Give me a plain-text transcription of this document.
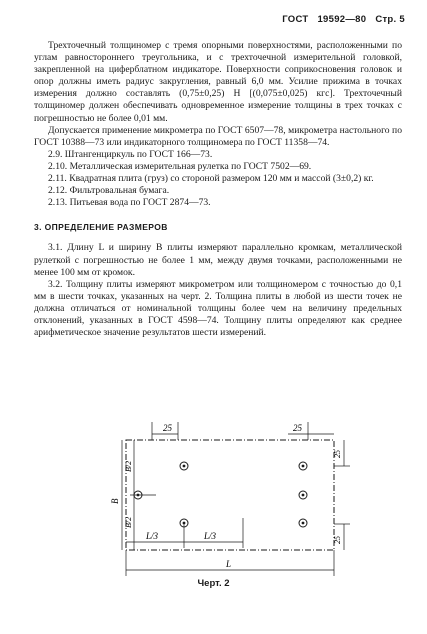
ГОСТ 19592—80 Стр. 5

Трехточечный толщиномер с тремя опорными поверхностями, расположенными по углам равностороннего треугольника, и с трехточечной измерительной головкой, закрепленной на циферблатном индикаторе. Поверхности соприкосновения головок и опор должны иметь радиус закругления, равный 6,0 мм. Усилие прижима в точках измерения должно составлять (0,75±0,25) Н [(0,075±0,025) кгс]. Трехточечный толщиномер должен обеспечивать одновременное измерение толщины в трех точках с погрешностью не более 0,01 мм.

Допускается применение микрометра по ГОСТ 6507—78, микрометра настольного по ГОСТ 10388—73 или индикаторного толщиномера по ГОСТ 11358—74.

2.9. Штангенциркуль по ГОСТ 166—73.

2.10. Металлическая измерительная рулетка по ГОСТ 7502—69.

2.11. Квадратная плита (груз) со стороной размером 120 мм и массой (3±0,2) кг.

2.12. Фильтровальная бумага.

2.13. Питьевая вода по ГОСТ 2874—73.

3. ОПРЕДЕЛЕНИЕ РАЗМЕРОВ

3.1. Длину L и ширину B плиты измеряют параллельно кромкам, металлической рулеткой с погрешностью не более 1 мм, между двумя точками, расположенными не менее 100 мм от кромок.

3.2. Толщину плиты измеряют микрометром или толщиномером с точностью до 0,1 мм в шести точках, указанных на черт. 2. Толщина плиты в любой из шести точек не должна отличаться от номинальной толщины более чем на величину предельных отклонений, указанных в ГОСТ 4598—74. Толщину плиты определяют как среднее арифметическое значение результатов шести измерений.

25	25
25
25
B/2
B/2
B
L/3	L/3
L
Черт. 2
